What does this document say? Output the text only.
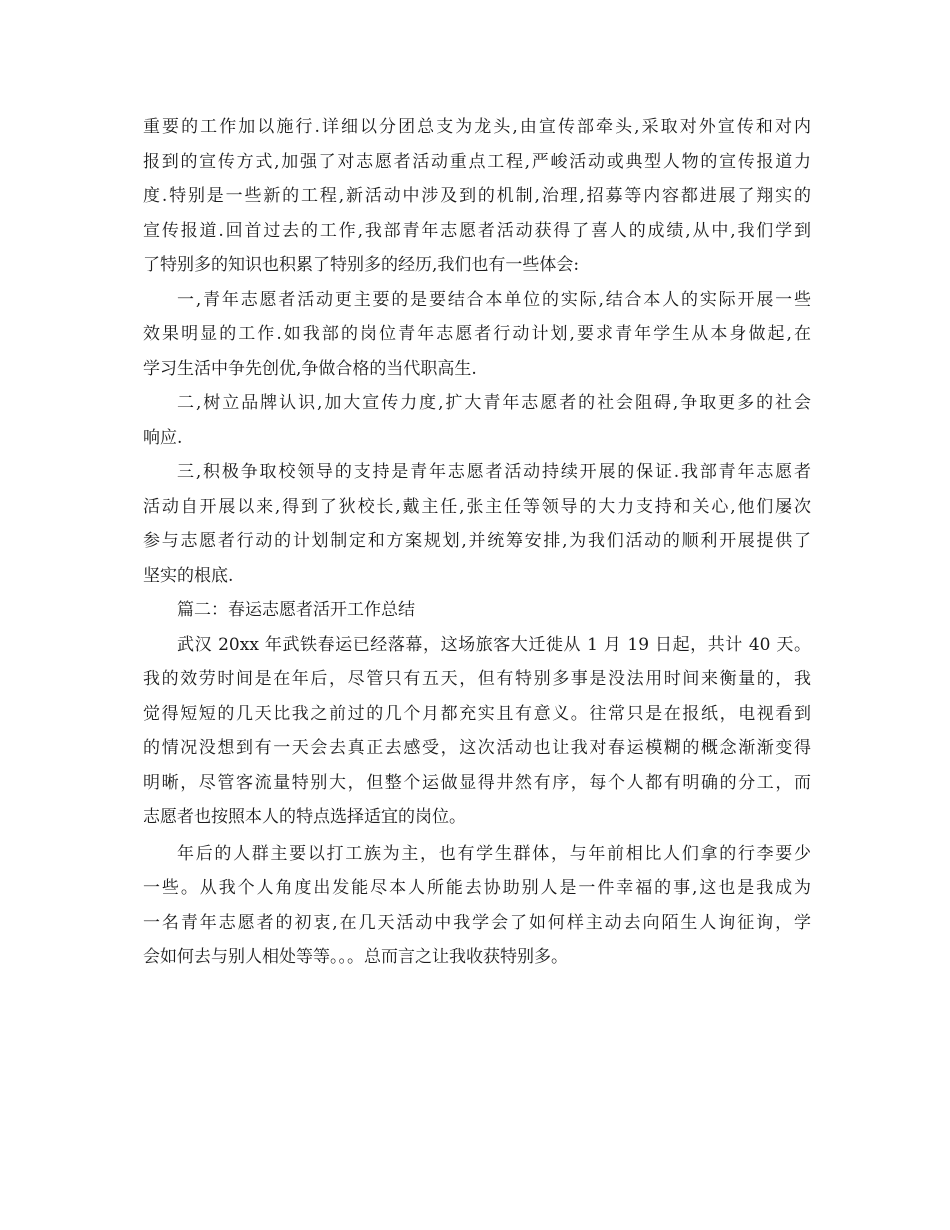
重要的工作加以施行.详细以分团总支为龙头,由宣传部牵头,采取对外宣传和对内
报到的宣传方式,加强了对志愿者活动重点工程,严峻活动或典型人物的宣传报道力
度.特别是一些新的工程,新活动中涉及到的机制,治理,招募等内容都进展了翔实的
宣传报道.回首过去的工作,我部青年志愿者活动获得了喜人的成绩,从中,我们学到
了特别多的知识也积累了特别多的经历,我们也有一些体会:
一,青年志愿者活动更主要的是要结合本单位的实际,结合本人的实际开展一些
效果明显的工作.如我部的岗位青年志愿者行动计划,要求青年学生从本身做起,在
学习生活中争先创优,争做合格的当代职高生.
二,树立品牌认识,加大宣传力度,扩大青年志愿者的社会阻碍,争取更多的社会
响应.
三,积极争取校领导的支持是青年志愿者活动持续开展的保证.我部青年志愿者
活动自开展以来,得到了狄校长,戴主任,张主任等领导的大力支持和关心,他们屡次
参与志愿者行动的计划制定和方案规划,并统筹安排,为我们活动的顺利开展提供了
坚实的根底.
篇二：春运志愿者活开工作总结
武汉 20xx 年武铁春运已经落幕，这场旅客大迁徙从 1 月 19 日起，共计 40 天。
我的效劳时间是在年后，尽管只有五天，但有特别多事是没法用时间来衡量的，我
觉得短短的几天比我之前过的几个月都充实且有意义。往常只是在报纸，电视看到
的情况没想到有一天会去真正去感受，这次活动也让我对春运模糊的概念渐渐变得
明晰，尽管客流量特别大，但整个运做显得井然有序，每个人都有明确的分工，而
志愿者也按照本人的特点选择适宜的岗位。
年后的人群主要以打工族为主，也有学生群体，与年前相比人们拿的行李要少
一些。从我个人角度出发能尽本人所能去协助别人是一件幸福的事,这也是我成为
一名青年志愿者的初衷,在几天活动中我学会了如何样主动去向陌生人询征询，学
会如何去与别人相处等等。。。总而言之让我收获特别多。
